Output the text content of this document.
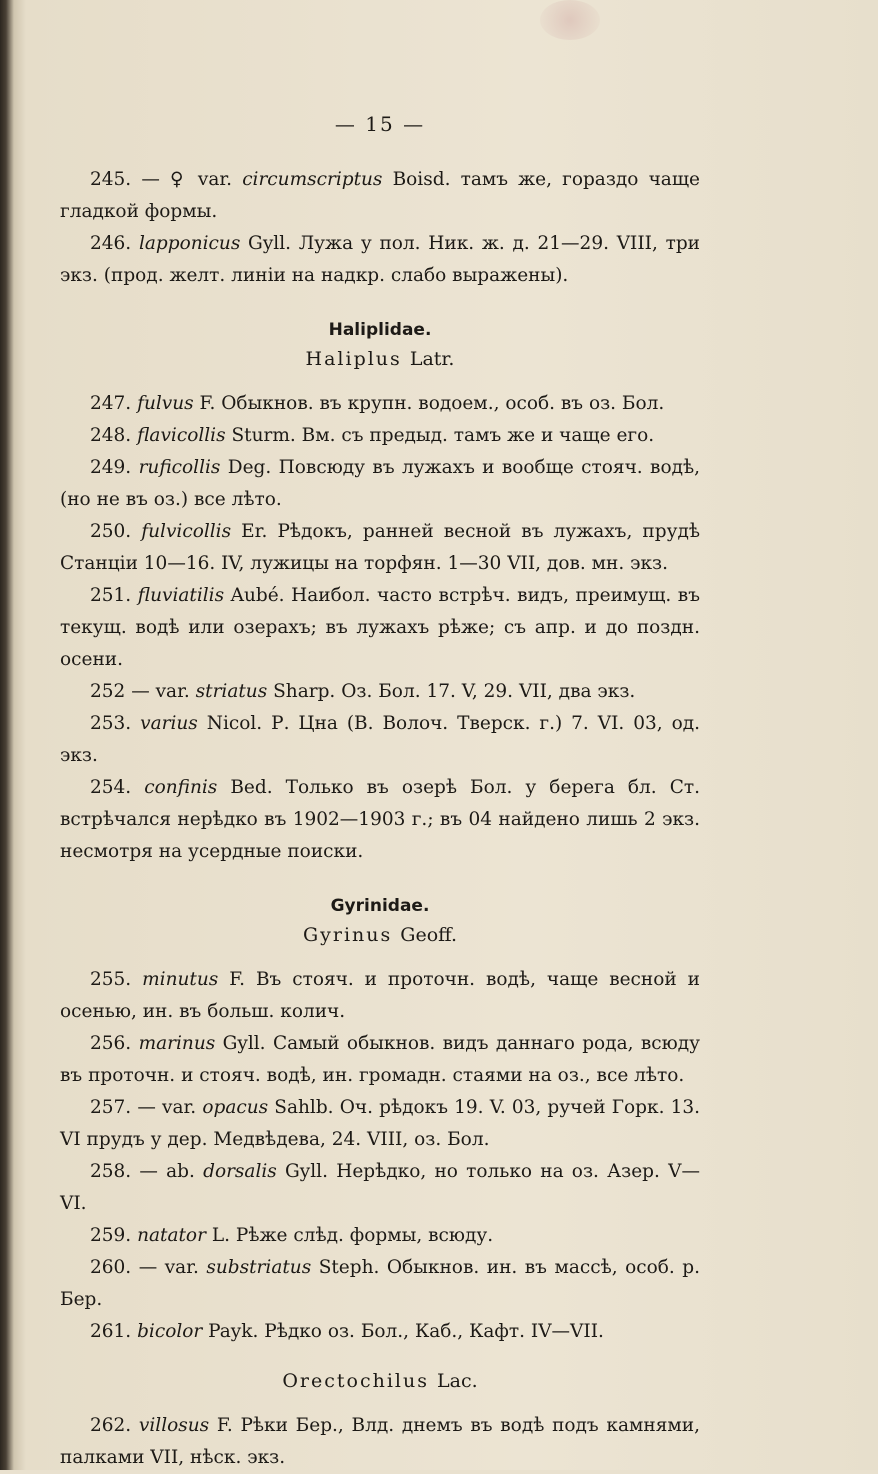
— 15 —

245. — ♀ var. circumscriptus Boisd. тамъ же, гораздо чаще гладкой формы.

246. lapponicus Gyll. Лужа у пол. Ник. ж. д. 21—29. VIII, три экз. (прод. желт. линіи на надкр. слабо выражены).

Haliplidae.
Haliplus Latr.

247. fulvus F. Обыкнов. въ крупн. водоем., особ. въ оз. Бол.

248. flavicollis Sturm. Вм. съ предыд. тамъ же и чаще его.

249. ruficollis Deg. Повсюду въ лужахъ и вообще стояч. водѣ, (но не въ оз.) все лѣто.

250. fulvicollis Er. Рѣдокъ, ранней весной въ лужахъ, прудѣ Станціи 10—16. IV, лужицы на торфян. 1—30 VII, дов. мн. экз.

251. fluviatilis Aubé. Наибол. часто встрѣч. видъ, преимущ. въ текущ. водѣ или озерахъ; въ лужахъ рѣже; съ апр. и до поздн. осени.

252 — var. striatus Sharp. Оз. Бол. 17. V, 29. VII, два экз.

253. varius Nicol. Р. Цна (В. Волоч. Тверск. г.) 7. VI. 03, од. экз.

254. confinis Bed. Только въ озерѣ Бол. у берега бл. Ст. встрѣчался нерѣдко въ 1902—1903 г.; въ 04 найдено лишь 2 экз. несмотря на усердные поиски.

Gyrinidae.
Gyrinus Geoff.

255. minutus F. Въ стояч. и проточн. водѣ, чаще весной и осенью, ин. въ больш. колич.

256. marinus Gyll. Самый обыкнов. видъ даннаго рода, всюду въ проточн. и стояч. водѣ, ин. громадн. стаями на оз., все лѣто.

257. — var. opacus Sahlb. Оч. рѣдокъ 19. V. 03, ручей Горк. 13. VI прудъ у дер. Медвѣдева, 24. VIII, оз. Бол.

258. — ab. dorsalis Gyll. Нерѣдко, но только на оз. Азер. V—VI.

259. natator L. Рѣже слѣд. формы, всюду.

260. — var. substriatus Steph. Обыкнов. ин. въ массѣ, особ. р. Бер.

261. bicolor Payk. Рѣдко оз. Бол., Каб., Кафт. IV—VII.

Orectochilus Lac.

262. villosus F. Рѣки Бер., Влд. днемъ въ водѣ подъ камнями, палками VII, нѣск. экз.
